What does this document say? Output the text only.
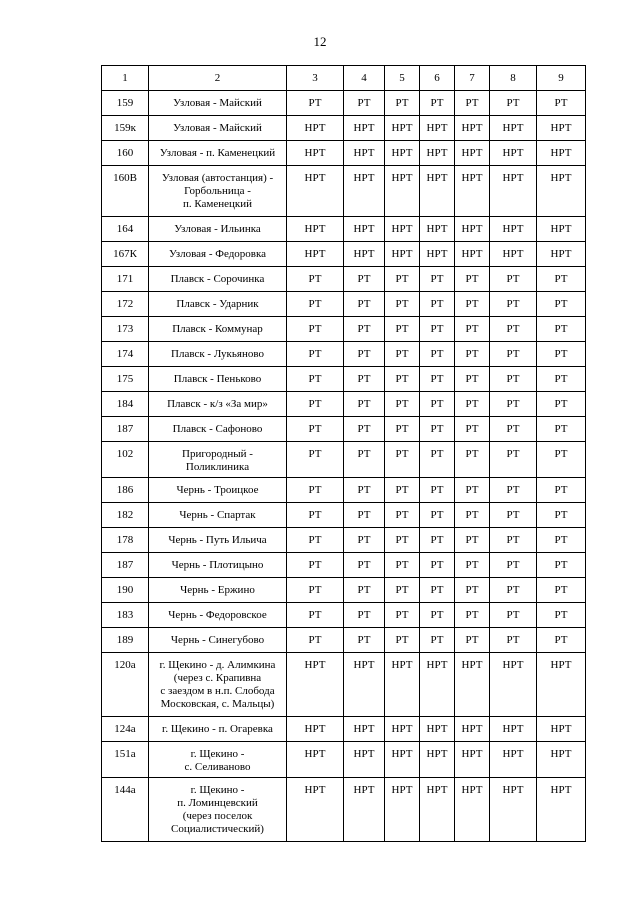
12
1	2	3	4	5	6	7	8	9
159	Узловая - Майский	РТ	РТ	РТ	РТ	РТ	РТ	РТ
159к	Узловая - Майский	НРТ	НРТ	НРТ	НРТ	НРТ	НРТ	НРТ
160	Узловая - п. Каменецкий	НРТ	НРТ	НРТ	НРТ	НРТ	НРТ	НРТ
160В	Узловая (автостанция) -
Горбольница -
п. Каменецкий	НРТ	НРТ	НРТ	НРТ	НРТ	НРТ	НРТ
164	Узловая - Ильинка	НРТ	НРТ	НРТ	НРТ	НРТ	НРТ	НРТ
167К	Узловая - Федоровка	НРТ	НРТ	НРТ	НРТ	НРТ	НРТ	НРТ
171	Плавск - Сорочинка	РТ	РТ	РТ	РТ	РТ	РТ	РТ
172	Плавск - Ударник	РТ	РТ	РТ	РТ	РТ	РТ	РТ
173	Плавск - Коммунар	РТ	РТ	РТ	РТ	РТ	РТ	РТ
174	Плавск - Лукьяново	РТ	РТ	РТ	РТ	РТ	РТ	РТ
175	Плавск - Пеньково	РТ	РТ	РТ	РТ	РТ	РТ	РТ
184	Плавск - к/з «За мир»	РТ	РТ	РТ	РТ	РТ	РТ	РТ
187	Плавск - Сафоново	РТ	РТ	РТ	РТ	РТ	РТ	РТ
102	Пригородный -
Поликлиника	РТ	РТ	РТ	РТ	РТ	РТ	РТ
186	Чернь - Троицкое	РТ	РТ	РТ	РТ	РТ	РТ	РТ
182	Чернь - Спартак	РТ	РТ	РТ	РТ	РТ	РТ	РТ
178	Чернь - Путь Ильича	РТ	РТ	РТ	РТ	РТ	РТ	РТ
187	Чернь - Плотицыно	РТ	РТ	РТ	РТ	РТ	РТ	РТ
190	Чернь - Ержино	РТ	РТ	РТ	РТ	РТ	РТ	РТ
183	Чернь - Федоровское	РТ	РТ	РТ	РТ	РТ	РТ	РТ
189	Чернь - Синегубово	РТ	РТ	РТ	РТ	РТ	РТ	РТ
120а	г. Щекино - д. Алимкина
(через с. Крапивна
с заездом в н.п. Слобода
Московская, с. Мальцы)	НРТ	НРТ	НРТ	НРТ	НРТ	НРТ	НРТ
124а	г. Щекино - п. Огаревка	НРТ	НРТ	НРТ	НРТ	НРТ	НРТ	НРТ
151а	г. Щекино -
с. Селиваново	НРТ	НРТ	НРТ	НРТ	НРТ	НРТ	НРТ
144а	г. Щекино -
п. Ломинцевский
(через поселок
Социалистический)	НРТ	НРТ	НРТ	НРТ	НРТ	НРТ	НРТ
